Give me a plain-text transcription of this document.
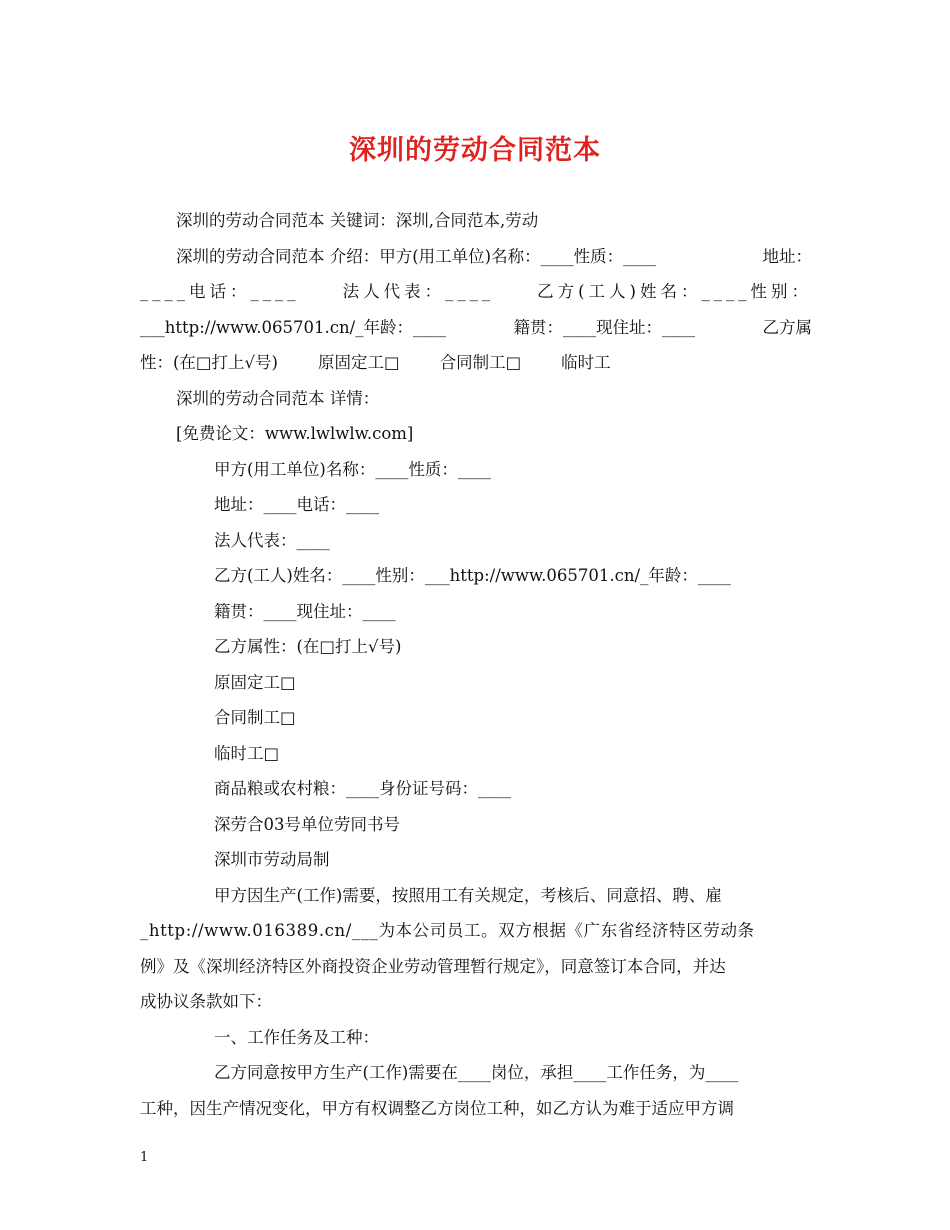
深圳的劳动合同范本

深圳的劳动合同范本 关键词：深圳,合同范本,劳动

深圳的劳动合同范本 介绍：甲方(用工单位)名称：____性质：____	地址：
____电话：____	法人代表：____	乙方(工人)姓名：____性别：
___http://www.065701.cn/_年龄：____	籍贯：____现住址：____	乙方属
性：(在□打上√号) 原固定工□ 合同制工□ 临时工

深圳的劳动合同范本 详情：

[免费论文：www.lwlwlw.com]

甲方(用工单位)名称：____性质：____

地址：____电话：____

法人代表：____

乙方(工人)姓名：____性别：___http://www.065701.cn/_年龄：____

籍贯：____现住址：____

乙方属性：(在□打上√号)

原固定工□

合同制工□

临时工□

商品粮或农村粮：____身份证号码：____

深劳合03号单位劳同书号

深圳市劳动局制

甲方因生产(工作)需要，按照用工有关规定，考核后、同意招、聘、雇

_http://www.016389.cn/___为本公司员工。双方根据《广东省经济特区劳动条

例》及《深圳经济特区外商投资企业劳动管理暂行规定》，同意签订本合同，并达

成协议条款如下：

一、工作任务及工种：

乙方同意按甲方生产(工作)需要在____岗位，承担____工作任务，为____

工种，因生产情况变化，甲方有权调整乙方岗位工种，如乙方认为难于适应甲方调

1
